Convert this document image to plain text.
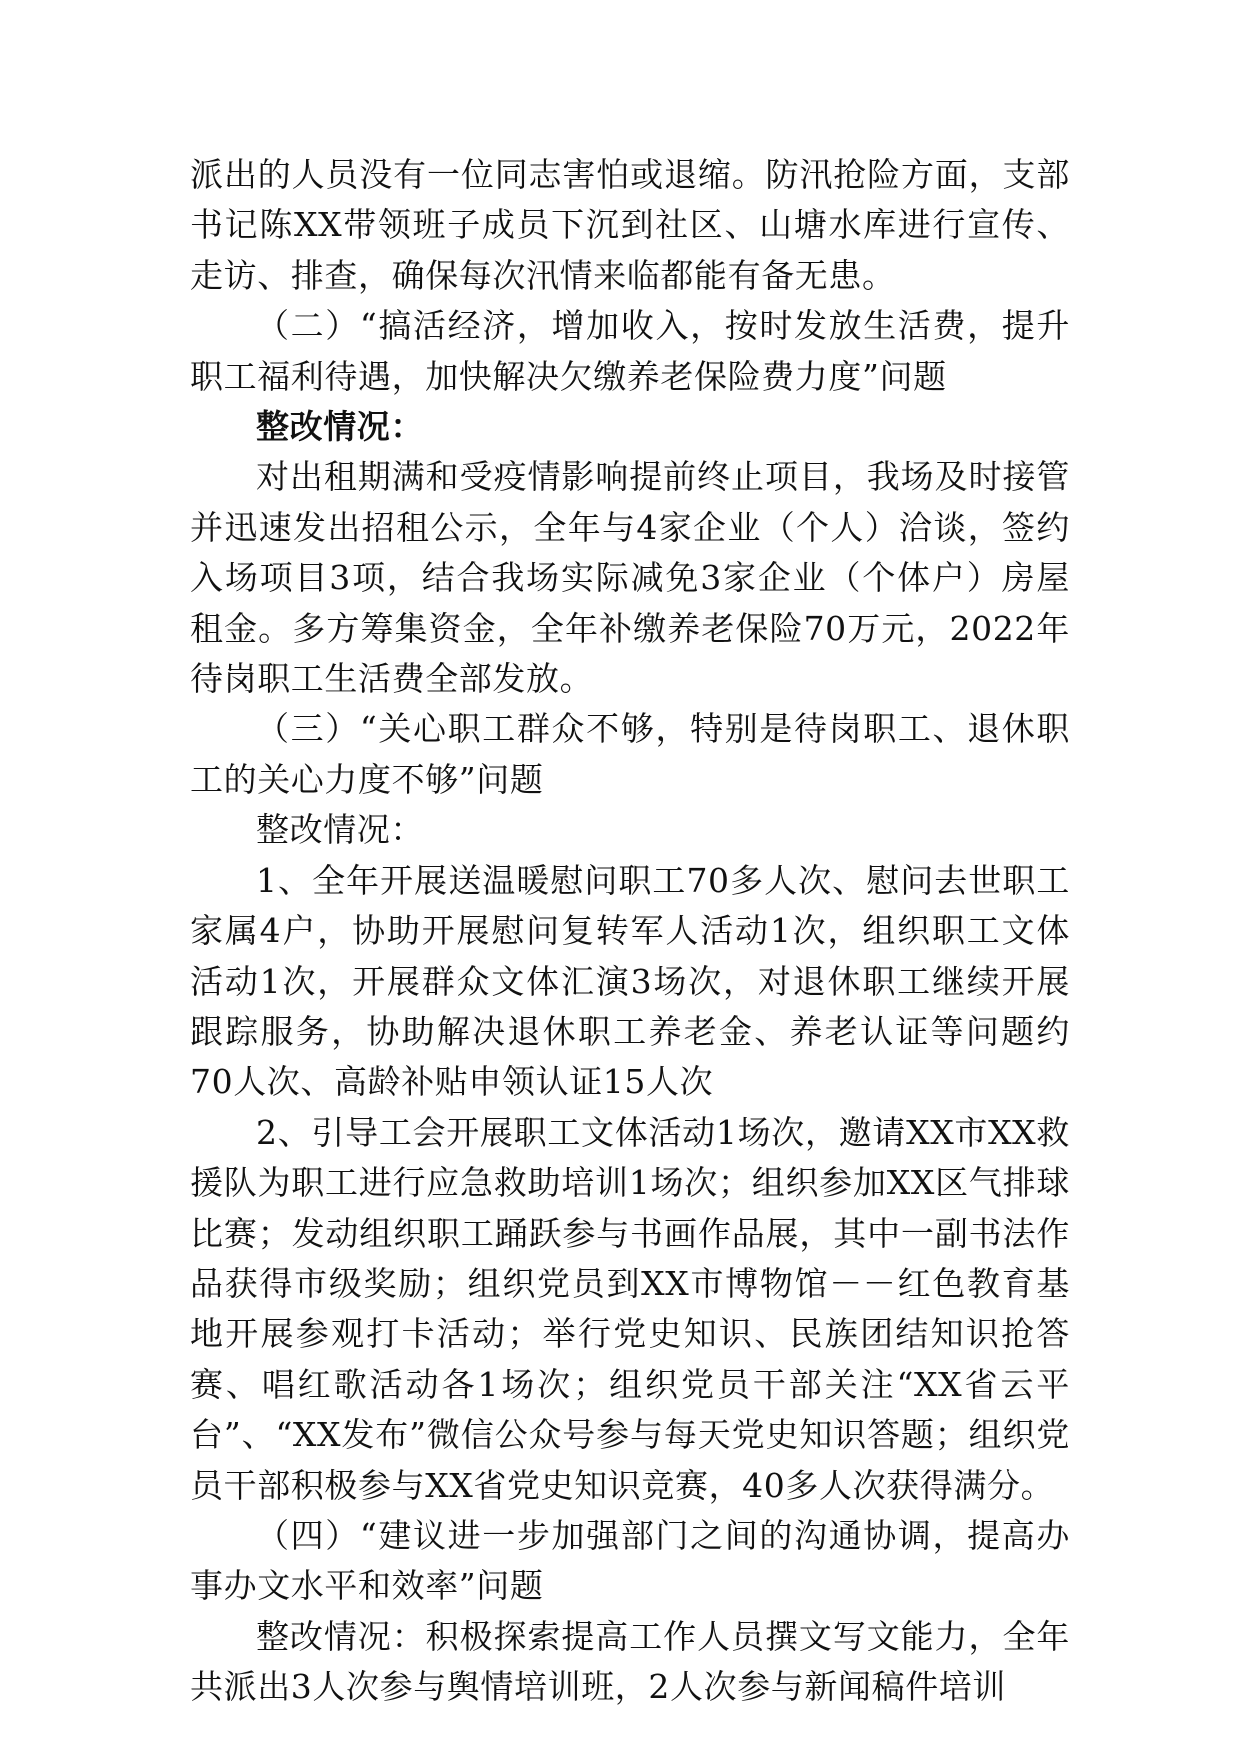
派出的人员没有一位同志害怕或退缩。防汛抢险方面，支部书记陈XX带领班子成员下沉到社区、山塘水库进行宣传、走访、排查，确保每次汛情来临都能有备无患。

（二）“搞活经济，增加收入，按时发放生活费，提升职工福利待遇，加快解决欠缴养老保险费力度”问题

整改情况：

对出租期满和受疫情影响提前终止项目，我场及时接管并迅速发出招租公示，全年与4家企业（个人）洽谈，签约入场项目3项，结合我场实际减免3家企业（个体户）房屋租金。多方筹集资金，全年补缴养老保险70万元，2022年待岗职工生活费全部发放。

（三）“关心职工群众不够，特别是待岗职工、退休职工的关心力度不够”问题

整改情况：

1、全年开展送温暖慰问职工70多人次、慰问去世职工家属4户，协助开展慰问复转军人活动1次，组织职工文体活动1次，开展群众文体汇演3场次，对退休职工继续开展跟踪服务，协助解决退休职工养老金、养老认证等问题约70人次、高龄补贴申领认证15人次

2、引导工会开展职工文体活动1场次，邀请XX市XX救援队为职工进行应急救助培训1场次；组织参加XX区气排球比赛；发动组织职工踊跃参与书画作品展，其中一副书法作品获得市级奖励；组织党员到XX市博物馆－－红色教育基地开展参观打卡活动；举行党史知识、民族团结知识抢答赛、唱红歌活动各1场次；组织党员干部关注“XX省云平台”、“XX发布”微信公众号参与每天党史知识答题；组织党员干部积极参与XX省党史知识竞赛，40多人次获得满分。

（四）“建议进一步加强部门之间的沟通协调，提高办事办文水平和效率”问题

整改情况：积极探索提高工作人员撰文写文能力，全年共派出3人次参与舆情培训班，2人次参与新闻稿件培训
